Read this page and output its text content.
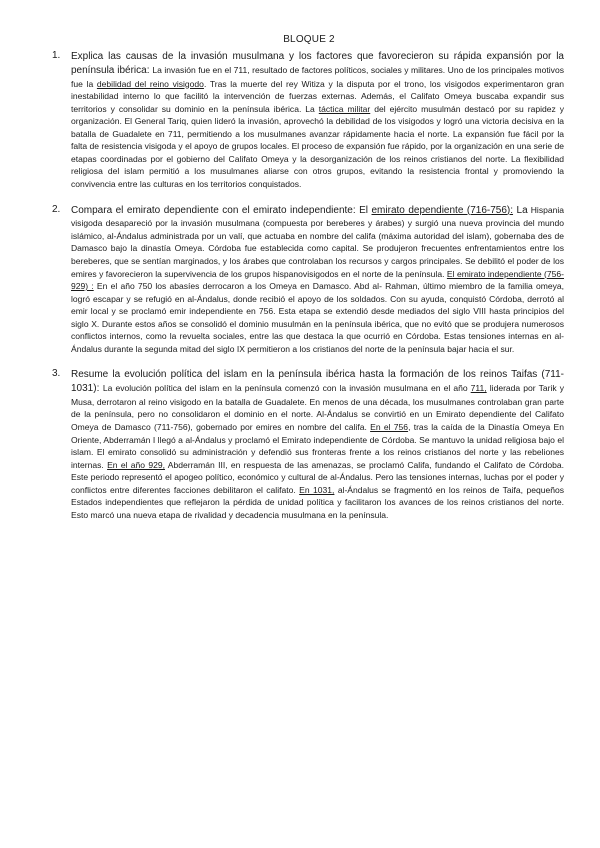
BLOQUE 2
1. Explica las causas de la invasión musulmana y los factores que favorecieron su rápida expansión por la península ibérica: La invasión fue en el 711, resultado de factores políticos, sociales y militares. Uno de los principales motivos fue la debilidad del reino visigodo. Tras la muerte del rey Witiza y la disputa por el trono, los visigodos experimentaron gran inestabilidad interno lo que facilitó la intervención de fuerzas externas. Además, el Califato Omeya buscaba expandir sus territorios y consolidar su dominio en la península ibérica. La táctica militar del ejército musulmán destacó por su rapidez y organización. El General Tariq, quien lideró la invasión, aprovechó la debilidad de los visigodos y logró una victoria decisiva en la batalla de Guadalete en 711, permitiendo a los musulmanes avanzar rápidamente hacia el norte. La expansión fue fácil por la falta de resistencia visigoda y el apoyo de grupos locales. El proceso de expansión fue rápido, por la organización en una serie de etapas coordinadas por el gobierno del Califato Omeya y la desorganización de los reinos cristianos del norte. La flexibilidad religiosa del islam permitió a los musulmanes aliarse con otros grupos, evitando la resistencia frontal y promoviendo la convivencia entre las culturas en los territorios conquistados.

2. Compara el emirato dependiente con el emirato independiente: El emirato dependiente (716-756): La Hispania visigoda desapareció por la invasión musulmana (compuesta por bereberes y árabes) y surgió una nueva provincia del mundo islámico, al-Ándalus administrada por un valí, que actuaba en nombre del califa (máxima autoridad del islam), gobernaba des de Damasco bajo la dinastía Omeya. Córdoba fue establecida como capital. Se produjeron frecuentes enfrentamientos entre los bereberes, que se sentían marginados, y los árabes que controlaban los recursos y cargos principales. Se debilitó el poder de los emires y favorecieron la supervivencia de los grupos hispanovisigodos en el norte de la península. El emirato independiente (756-929) : En el año 750 los abasíes derrocaron a los Omeya en Damasco. Abd al- Rahman, último miembro de la familia omeya, logró escapar y se refugió en al-Ándalus, donde recibió el apoyo de los soldados. Con su ayuda, conquistó Córdoba, derrotó al emir local y se proclamó emir independiente en 756. Esta etapa se extendió desde mediados del siglo VIII hasta principios del siglo X. Durante estos años se consolidó el dominio musulmán en la península ibérica, que no evitó que se produjera numerosos conflictos internos, como la revuelta sociales, entre las que destaca la que ocurrió en Córdoba. Estas tensiones internas en al-Ándalus durante la segunda mitad del siglo IX permitieron a los cristianos del norte de la península bajar hacia el sur.

3. Resume la evolución política del islam en la península ibérica hasta la formación de los reinos Taifas (711-1031): La evolución política del islam en la península comenzó con la invasión musulmana en el año 711, liderada por Tarik y Musa, derrotaron al reino visigodo en la batalla de Guadalete. En menos de una década, los musulmanes controlaban gran parte de la península, pero no consolidaron el dominio en el norte. Al-Ándalus se convirtió en un Emirato dependiente del Califato Omeya de Damasco (711-756), gobernado por emires en nombre del califa. En el 756, tras la caída de la Dinastía Omeya En Oriente, Abderramán I llegó a al-Ándalus y proclamó el Emirato independiente de Córdoba. Se mantuvo la unidad religiosa bajo el islam. El emirato consolidó su administración y defendió sus fronteras frente a los reinos cristianos del norte y las rebeliones internas. En el año 929, Abderramán III, en respuesta de las amenazas, se proclamó Califa, fundando el Califato de Córdoba. Este periodo representó el apogeo político, económico y cultural de al-Ándalus. Pero las tensiones internas, luchas por el poder y conflictos entre diferentes facciones debilitaron el califato. En 1031, al-Ándalus se fragmentó en los reinos de Taifa, pequeños Estados independientes que reflejaron la pérdida de unidad política y facilitaron los avances de los reinos cristianos del norte. Esto marcó una nueva etapa de rivalidad y decadencia musulmana en la península.
